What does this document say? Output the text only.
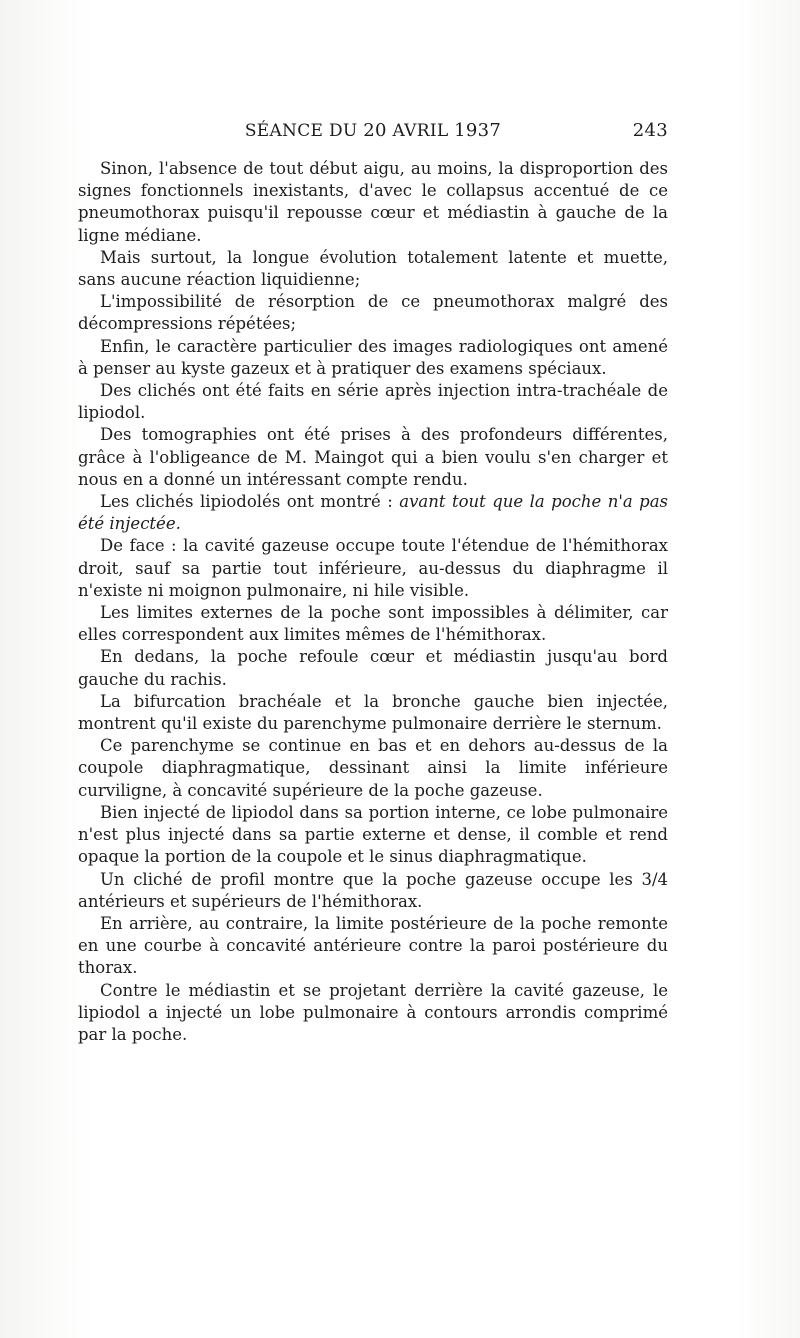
SÉANCE DU 20 AVRIL 1937	243

Sinon, l'absence de tout début aigu, au moins, la disproportion des signes fonctionnels inexistants, d'avec le collapsus accentué de ce pneumothorax puisqu'il repousse cœur et médiastin à gauche de la ligne médiane.

Mais surtout, la longue évolution totalement latente et muette, sans aucune réaction liquidienne;

L'impossibilité de résorption de ce pneumothorax malgré des décompressions répétées;

Enfin, le caractère particulier des images radiologiques ont amené à penser au kyste gazeux et à pratiquer des examens spéciaux.

Des clichés ont été faits en série après injection intra-trachéale de lipiodol.

Des tomographies ont été prises à des profondeurs différentes, grâce à l'obligeance de M. Maingot qui a bien voulu s'en charger et nous en a donné un intéressant compte rendu.

Les clichés lipiodolés ont montré : avant tout que la poche n'a pas été injectée.

De face : la cavité gazeuse occupe toute l'étendue de l'hémithorax droit, sauf sa partie tout inférieure, au-dessus du diaphragme il n'existe ni moignon pulmonaire, ni hile visible.

Les limites externes de la poche sont impossibles à délimiter, car elles correspondent aux limites mêmes de l'hémithorax.

En dedans, la poche refoule cœur et médiastin jusqu'au bord gauche du rachis.

La bifurcation brachéale et la bronche gauche bien injectée, montrent qu'il existe du parenchyme pulmonaire derrière le sternum.

Ce parenchyme se continue en bas et en dehors au-dessus de la coupole diaphragmatique, dessinant ainsi la limite inférieure curviligne, à concavité supérieure de la poche gazeuse.

Bien injecté de lipiodol dans sa portion interne, ce lobe pulmonaire n'est plus injecté dans sa partie externe et dense, il comble et rend opaque la portion de la coupole et le sinus diaphragmatique.

Un cliché de profil montre que la poche gazeuse occupe les 3/4 antérieurs et supérieurs de l'hémithorax.

En arrière, au contraire, la limite postérieure de la poche remonte en une courbe à concavité antérieure contre la paroi postérieure du thorax.

Contre le médiastin et se projetant derrière la cavité gazeuse, le lipiodol a injecté un lobe pulmonaire à contours arrondis comprimé par la poche.
